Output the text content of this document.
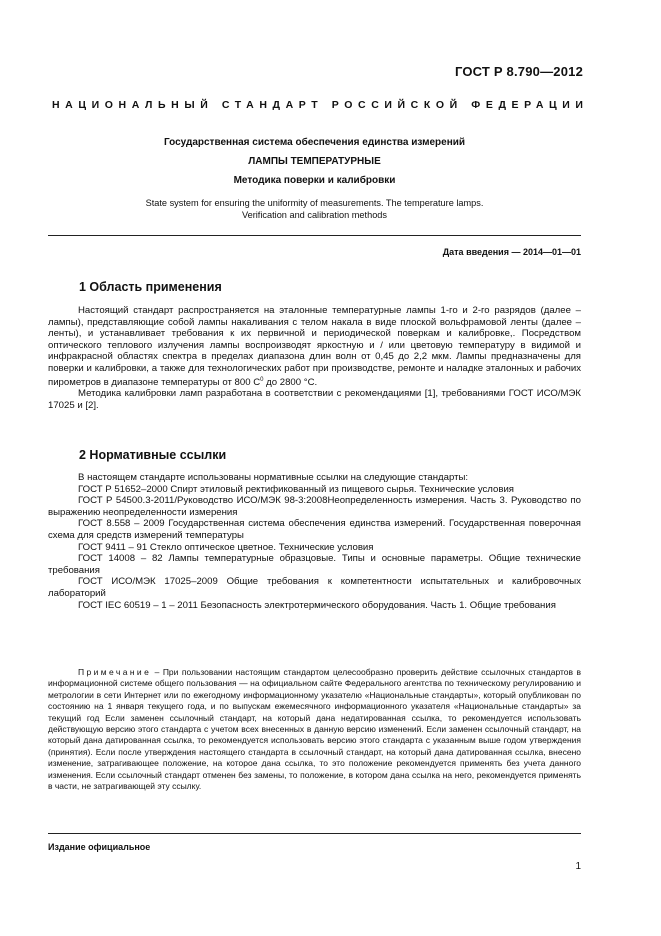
ГОСТ Р 8.790—2012
НАЦИОНАЛЬНЫЙ СТАНДАРТ РОССИЙСКОЙ ФЕДЕРАЦИИ
Государственная система обеспечения единства измерений
ЛАМПЫ ТЕМПЕРАТУРНЫЕ
Методика поверки и калибровки
State system for ensuring the uniformity of measurements. The temperature lamps.
Verification and calibration methods
Дата введения — 2014—01—01
1 Область применения

Настоящий стандарт распространяется на эталонные температурные лампы 1-го и 2-го разрядов (далее – лампы), представляющие собой лампы накаливания с телом накала в виде плоской вольфрамовой ленты (далее – ленты), и устанавливает требования к их первичной и периодической поверкам и калибровке,. Посредством оптического теплового излучения лампы воспроизводят яркостную и / или цветовую температуру в видимой и инфракрасной областях спектра в пределах диапазона длин волн от 0,45 до 2,2 мкм. Лампы предназначены для поверки и калибровки, а также для технологических работ при производстве, ремонте и наладке эталонных и рабочих пирометров в диапазоне температуры от 800 $C^0$ до 2800 °C.

Методика калибровки ламп разработана в соответствии с рекомендациями [1], требованиями ГОСТ ИСО/МЭК 17025 и [2].

2 Нормативные ссылки

В настоящем стандарте использованы нормативные ссылки на следующие стандарты:

ГОСТ Р 51652–2000 Спирт этиловый ректификованный из пищевого сырья. Технические условия

ГОСТ Р 54500.3-2011/Руководство ИСО/МЭК 98-3:2008Неопределенность измерения. Часть 3. Руководство по выражению неопределенности измерения

ГОСТ 8.558 – 2009 Государственная система обеспечения единства измерений. Государственная поверочная схема для средств измерений температуры

ГОСТ 9411 – 91 Стекло оптическое цветное. Технические условия

ГОСТ 14008 – 82 Лампы температурные образцовые. Типы и основные параметры. Общие технические требования

ГОСТ ИСО/МЭК 17025–2009 Общие требования к компетентности испытательных и калибровочных лабораторий

ГОСТ IEC 60519 – 1 – 2011 Безопасность электротермического оборудования. Часть 1. Общие требования

Примечание – При пользовании настоящим стандартом целесообразно проверить действие ссылочных стандартов в информационной системе общего пользования — на официальном сайте Федерального агентства по техническому регулированию и метрологии в сети Интернет или по ежегодному информационному указателю «Национальные стандарты», который опубликован по состоянию на 1 января текущего года, и по выпускам ежемесячного информационного указателя «Национальные стандарты» за текущий год Если заменен ссылочный стандарт, на который дана недатированная ссылка, то рекомендуется использовать действующую версию этого стандарта с учетом всех внесенных в данную версию изменений. Если заменен ссылочный стандарт, на который дана датированная ссылка, то рекомендуется использовать версию этого стандарта с указанным выше годом утверждения (принятия). Если после утверждения настоящего стандарта в ссылочный стандарт, на который дана датированная ссылка, внесено изменение, затрагивающее положение, на которое дана ссылка, то это положение рекомендуется применять без учета данного изменения. Если ссылочный стандарт отменен без замены, то положение, в котором дана ссылка на него, рекомендуется применять в части, не затрагивающей эту ссылку.

Издание официальное
1
